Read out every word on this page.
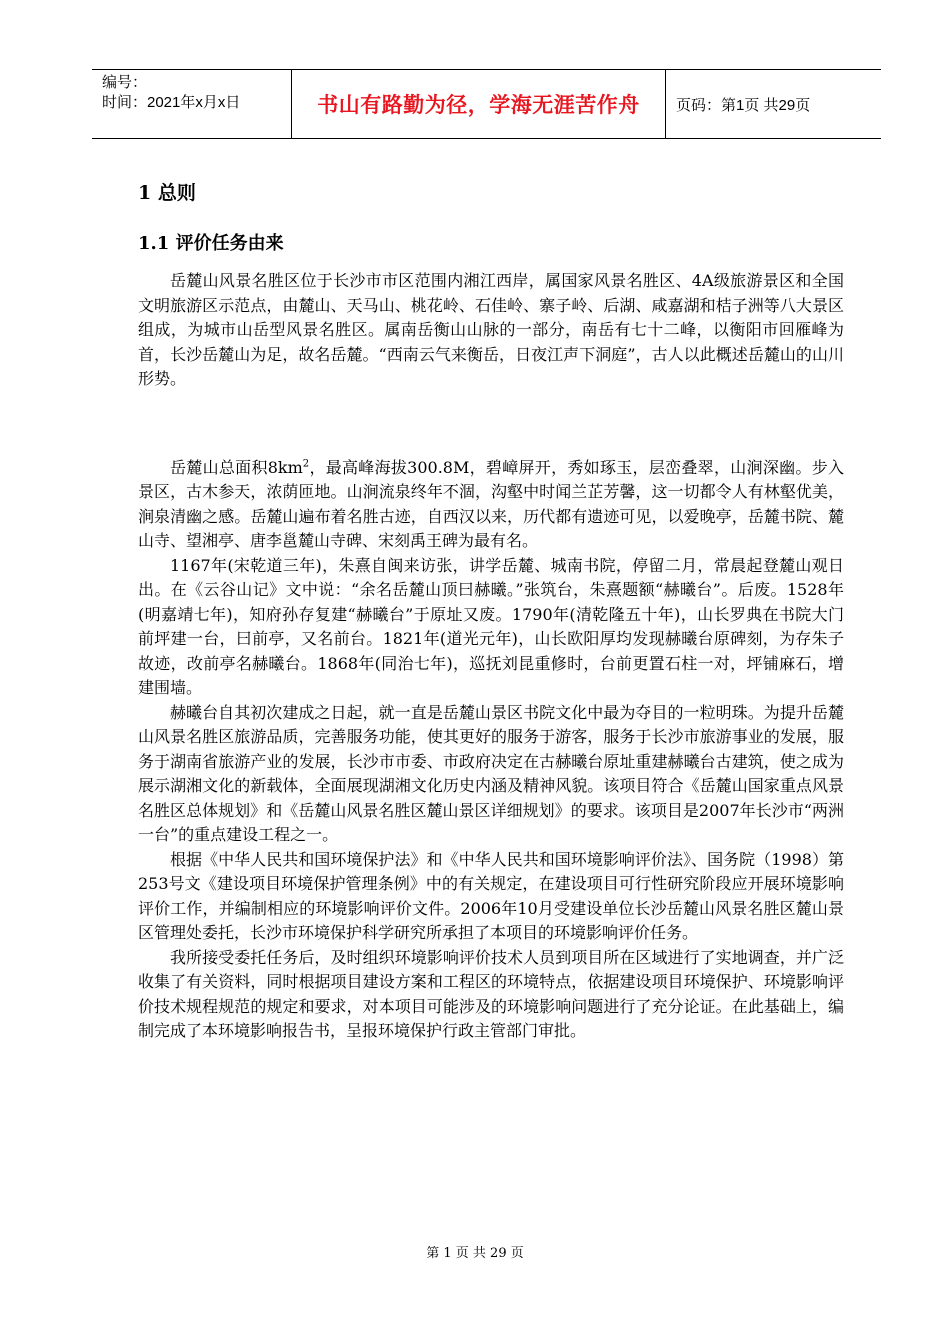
编号：
时间：2021年x月x日	书山有路勤为径，学海无涯苦作舟	页码：第1页 共29页
1 总则
1.1 评价任务由来

岳麓山风景名胜区位于长沙市市区范围内湘江西岸，属国家风景名胜区、4A级旅游景区和全国文明旅游区示范点，由麓山、天马山、桃花岭、石佳岭、寨子岭、后湖、咸嘉湖和桔子洲等八大景区组成，为城市山岳型风景名胜区。属南岳衡山山脉的一部分，南岳有七十二峰，以衡阳市回雁峰为首，长沙岳麓山为足，故名岳麓。“西南云气来衡岳，日夜江声下洞庭”，古人以此概述岳麓山的山川形势。

岳麓山总面积$8km^2$，最高峰海拔300.8M，碧嶂屏开，秀如琢玉，层峦叠翠，山涧深幽。步入景区，古木参天，浓荫匝地。山涧流泉终年不涸，沟壑中时闻兰芷芳馨，这一切都令人有林壑优美，涧泉清幽之感。岳麓山遍布着名胜古迹，自西汉以来，历代都有遗迹可见，以爱晚亭，岳麓书院、麓山寺、望湘亭、唐李邕麓山寺碑、宋刻禹王碑为最有名。

1167年(宋乾道三年)，朱熹自闽来访张，讲学岳麓、城南书院，停留二月，常晨起登麓山观日出。在《云谷山记》文中说：“余名岳麓山顶曰赫曦。”张筑台，朱熹题额“赫曦台”。后废。1528年(明嘉靖七年)，知府孙存复建“赫曦台”于原址又废。1790年(清乾隆五十年)，山长罗典在书院大门前坪建一台，曰前亭，又名前台。1821年(道光元年)，山长欧阳厚均发现赫曦台原碑刻，为存朱子故迹，改前亭名赫曦台。1868年(同治七年)，巡抚刘昆重修时，台前更置石柱一对，坪铺麻石，增建围墙。

赫曦台自其初次建成之日起，就一直是岳麓山景区书院文化中最为夺目的一粒明珠。为提升岳麓山风景名胜区旅游品质，完善服务功能，使其更好的服务于游客，服务于长沙市旅游事业的发展，服务于湖南省旅游产业的发展，长沙市市委、市政府决定在古赫曦台原址重建赫曦台古建筑，使之成为展示湖湘文化的新载体，全面展现湖湘文化历史内涵及精神风貌。该项目符合《岳麓山国家重点风景名胜区总体规划》和《岳麓山风景名胜区麓山景区详细规划》的要求。该项目是2007年长沙市“两洲一台”的重点建设工程之一。

根据《中华人民共和国环境保护法》和《中华人民共和国环境影响评价法》、国务院（1998）第253号文《建设项目环境保护管理条例》中的有关规定，在建设项目可行性研究阶段应开展环境影响评价工作，并编制相应的环境影响评价文件。2006年10月受建设单位长沙岳麓山风景名胜区麓山景区管理处委托，长沙市环境保护科学研究所承担了本项目的环境影响评价任务。

我所接受委托任务后，及时组织环境影响评价技术人员到项目所在区域进行了实地调查，并广泛收集了有关资料，同时根据项目建设方案和工程区的环境特点，依据建设项目环境保护、环境影响评价技术规程规范的规定和要求，对本项目可能涉及的环境影响问题进行了充分论证。在此基础上，编制完成了本环境影响报告书，呈报环境保护行政主管部门审批。

第 1 页 共 29 页
